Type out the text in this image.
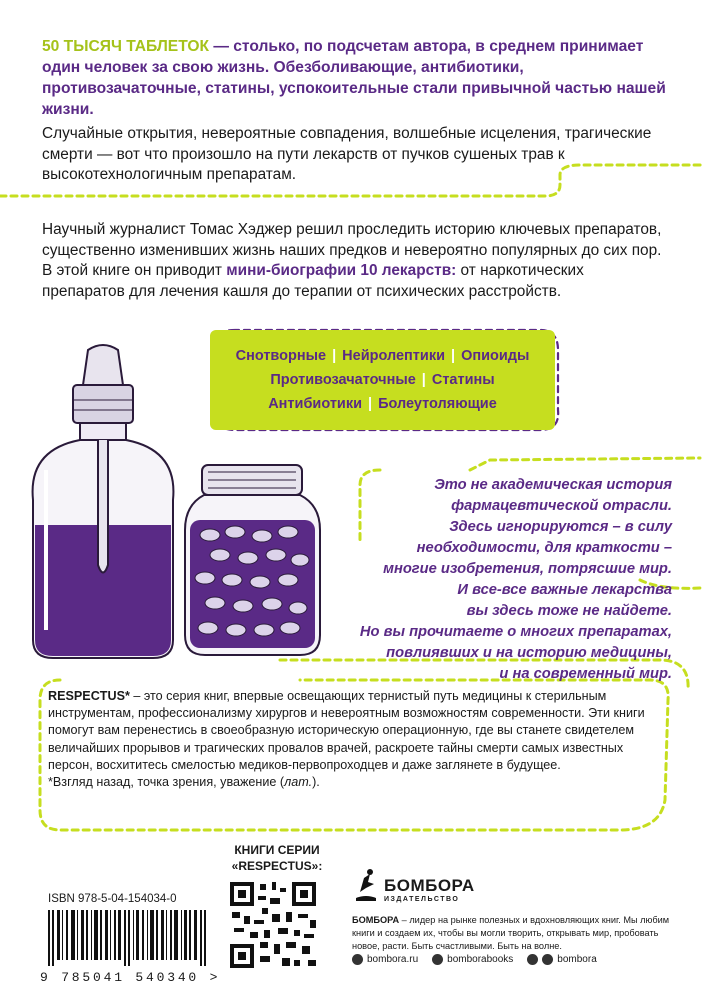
50 ТЫСЯЧ ТАБЛЕТОК — столько, по подсчетам автора, в среднем принимает один человек за свою жизнь. Обезболивающие, антибиотики, противозачаточные, статины, успокоительные стали привычной частью нашей жизни.
Случайные открытия, невероятные совпадения, волшебные исцеления, трагические смерти — вот что произошло на пути лекарств от пучков сушеных трав к высокотехнологичным препаратам.
Научный журналист Томас Хэджер решил проследить историю ключевых препаратов, существенно изменивших жизнь наших предков и невероятно популярных до сих пор. В этой книге он приводит мини-биографии 10 лекарств: от наркотических препаратов для лечения кашля до терапии от психических расстройств.
Снотворные | Нейролептики | Опиоиды
Противозачаточные | Статины
Антибиотики | Болеутоляющие
Это не академическая история
фармацевтической отрасли.
Здесь игнорируются – в силу
необходимости, для краткости –
многие изобретения, потрясшие мир.
И все-все важные лекарства
вы здесь тоже не найдете.
Но вы прочитаете о многих препаратах,
повлиявших и на историю медицины,
и на современный мир.
RESPECTUS* – это серия книг, впервые освещающих тернистый путь медицины к стерильным инструментам, профессионализму хирургов и невероятным возможностям современности. Эти книги помогут вам перенестись в своеобразную историческую операционную, где вы станете свидетелем величайших прорывов и трагических провалов врачей, раскроете тайны смерти самых известных персон, восхититесь смелостью медиков-первопроходцев и даже заглянете в будущее.
*Взгляд назад, точка зрения, уважение (лат.).
КНИГИ СЕРИИ
«RESPECTUS»:
ISBN 978-5-04-154034-0
9 785041 540340 >
БОМБОРА
ИЗДАТЕЛЬСТВО
БОМБОРА – лидер на рынке полезных и вдохновляющих книг. Мы любим книги и создаем их, чтобы вы могли творить, открывать мир, пробовать новое, расти. Быть счастливыми. Быть на волне.
bombora.ru	bomborabooks	bombora
